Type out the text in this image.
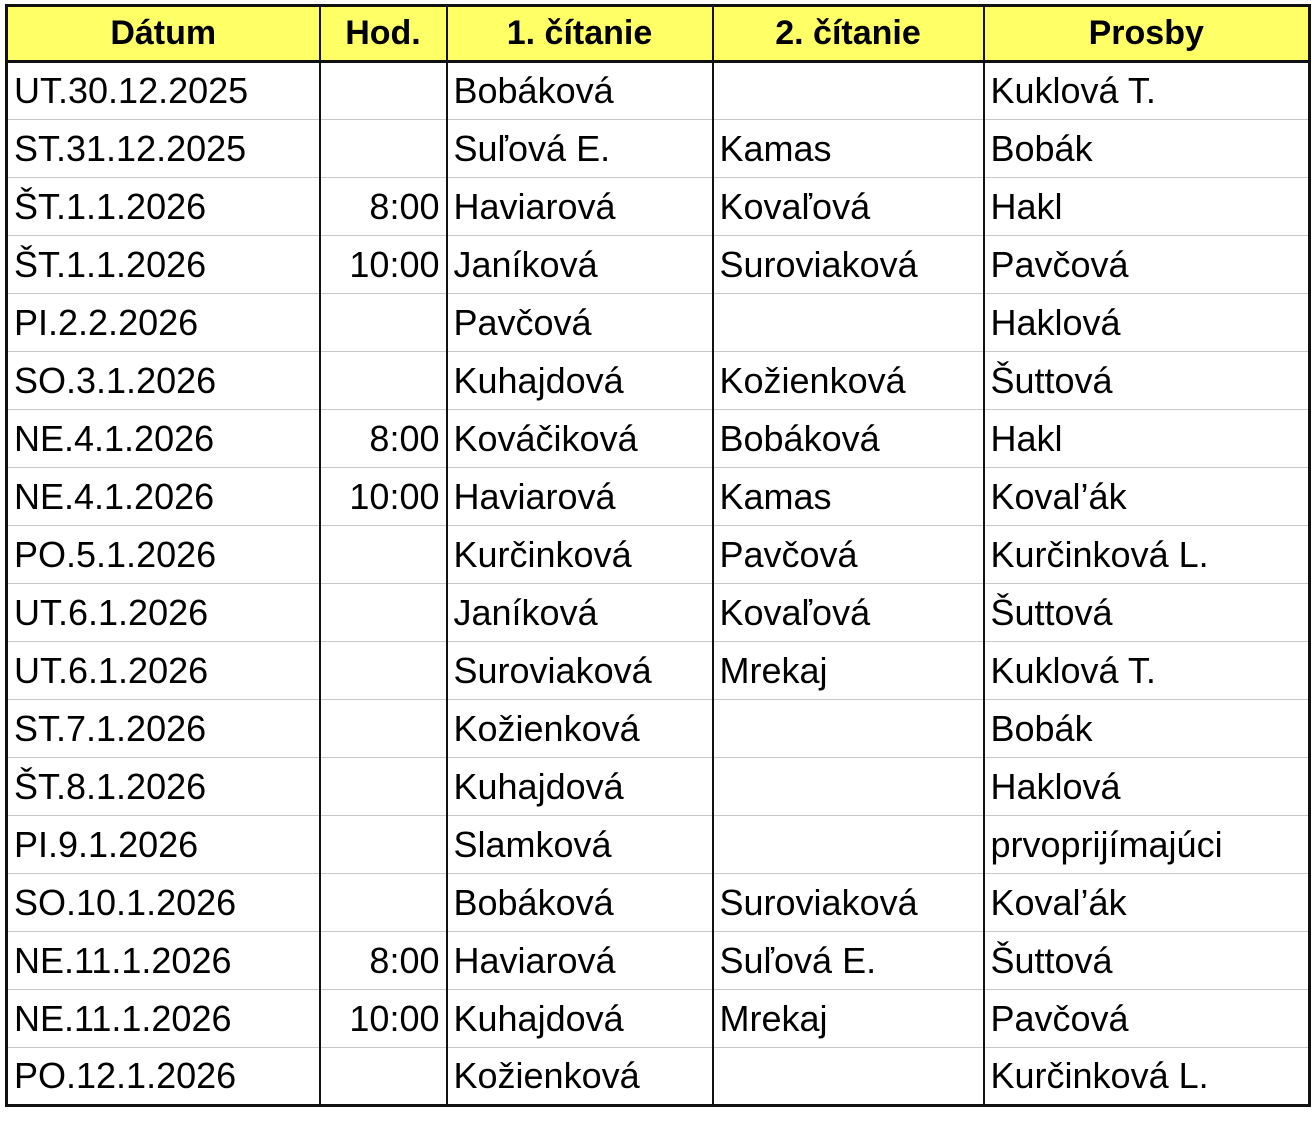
Dátum	Hod.	1. čítanie	2. čítanie	Prosby
UT.30.12.2025		Bobáková		Kuklová T.
ST.31.12.2025		Suľová E.	Kamas	Bobák
ŠT.1.1.2026	8:00	Haviarová	Kovaľová	Hakl
ŠT.1.1.2026	10:00	Janíková	Suroviaková	Pavčová
PI.2.2.2026		Pavčová		Haklová
SO.3.1.2026		Kuhajdová	Kožienková	Šuttová
NE.4.1.2026	8:00	Kováčiková	Bobáková	Hakl
NE.4.1.2026	10:00	Haviarová	Kamas	Koval’ák
PO.5.1.2026		Kurčinková	Pavčová	Kurčinková L.
UT.6.1.2026		Janíková	Kovaľová	Šuttová
UT.6.1.2026		Suroviaková	Mrekaj	Kuklová T.
ST.7.1.2026		Kožienková		Bobák
ŠT.8.1.2026		Kuhajdová		Haklová
PI.9.1.2026		Slamková		prvoprijímajúci
SO.10.1.2026		Bobáková	Suroviaková	Koval’ák
NE.11.1.2026	8:00	Haviarová	Suľová E.	Šuttová
NE.11.1.2026	10:00	Kuhajdová	Mrekaj	Pavčová
PO.12.1.2026		Kožienková		Kurčinková L.
